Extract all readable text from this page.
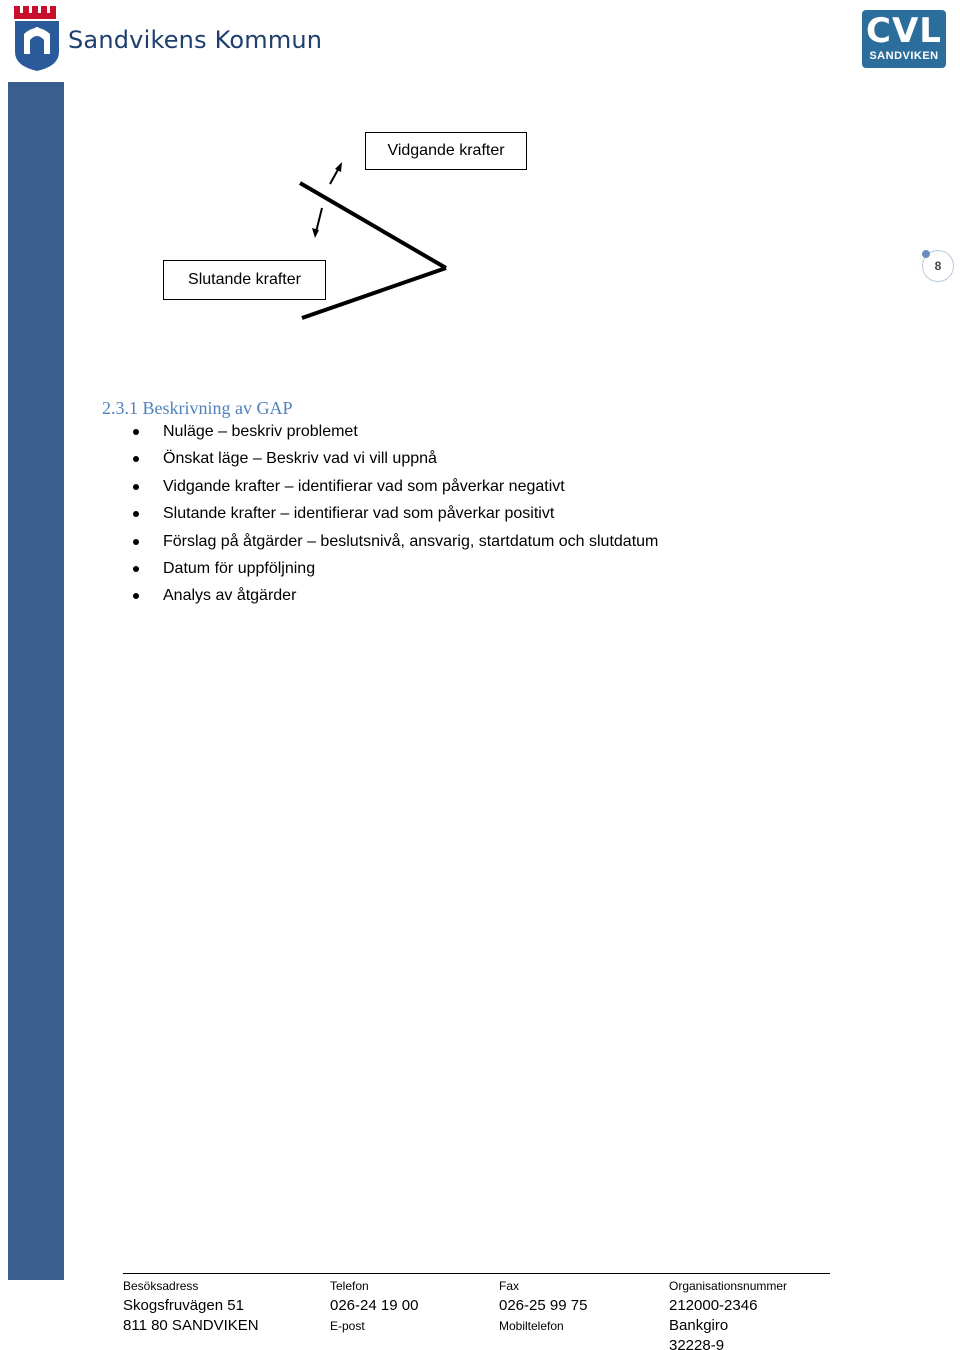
Sandvikens Kommun	CVL
SANDVIKEN
Vidgande krafter
Slutande krafter
8
2.3.1 Beskrivning av GAP
Nuläge – beskriv problemet
Önskat läge – Beskriv vad vi vill uppnå
Vidgande krafter – identifierar vad som påverkar negativt
Slutande krafter – identifierar vad som påverkar positivt
Förslag på åtgärder – beslutsnivå, ansvarig, startdatum och slutdatum
Datum för uppföljning
Analys av åtgärder
Besöksadress
Skogsfruvägen 51
811 80 SANDVIKEN
Telefon
026-24 19 00
E-post
Fax
026-25 99 75
Mobiltelefon
Organisationsnummer
212000-2346
Bankgiro
32228-9
